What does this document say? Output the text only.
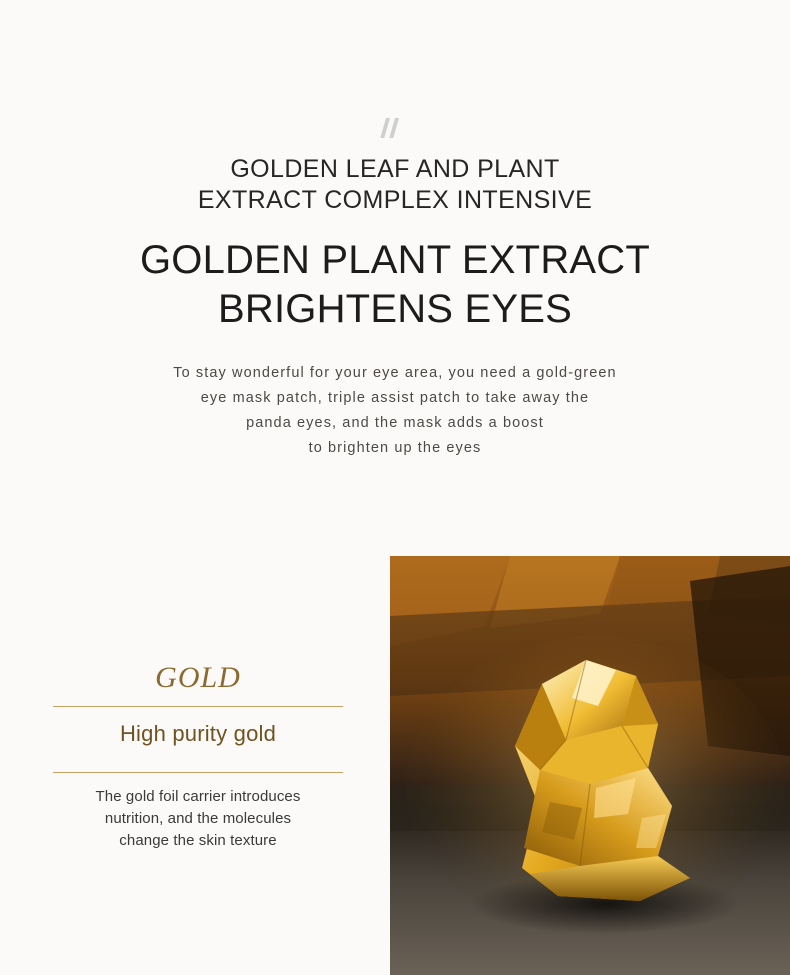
GOLDEN LEAF AND PLANT
EXTRACT COMPLEX INTENSIVE
GOLDEN PLANT EXTRACT
BRIGHTENS EYES
To stay wonderful for your eye area, you need a gold-green
eye mask patch, triple assist patch to take away the
panda eyes, and the mask adds a boost
to brighten up the eyes
GOLD
High purity gold
The gold foil carrier introduces
nutrition, and the molecules
change the skin texture
